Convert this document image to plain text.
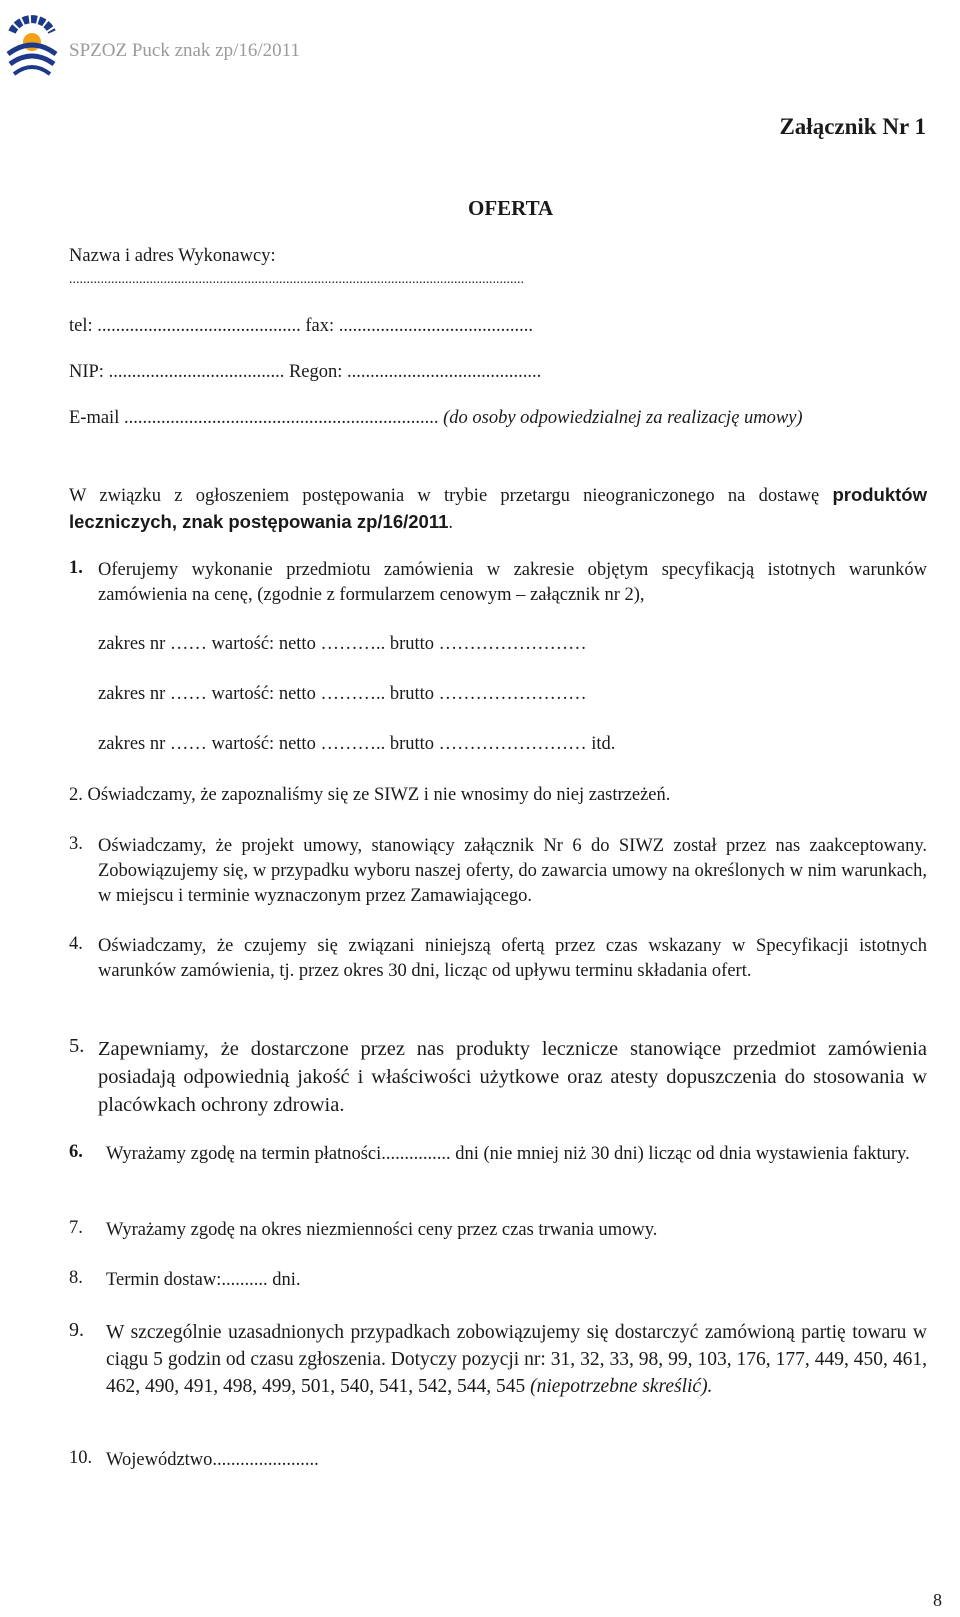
SPZOZ Puck znak zp/16/2011
Załącznik Nr 1
OFERTA
Nazwa i adres Wykonawcy:
..................................................................................................................................
tel: ............................................ fax: ..........................................
NIP: ...................................... Regon: ..........................................
E-mail .................................................................... (do osoby odpowiedzialnej za realizację umowy)
W związku z ogłoszeniem postępowania w trybie przetargu nieograniczonego na dostawę produktów leczniczych, znak postępowania zp/16/2011.
1. Oferujemy wykonanie przedmiotu zamówienia w zakresie objętym specyfikacją istotnych warunków zamówienia na cenę, (zgodnie z formularzem cenowym – załącznik nr 2),
zakres nr …… wartość: netto ……….. brutto ……………………
zakres nr …… wartość: netto ……….. brutto ……………………
zakres nr …… wartość: netto ……….. brutto …………………… itd.
2. Oświadczamy, że zapoznaliśmy się ze SIWZ i nie wnosimy do niej zastrzeżeń.
3. Oświadczamy, że projekt umowy, stanowiący załącznik Nr 6 do SIWZ został przez nas zaakceptowany. Zobowiązujemy się, w przypadku wyboru naszej oferty, do zawarcia umowy na określonych w nim warunkach, w miejscu i terminie wyznaczonym przez Zamawiającego.
4. Oświadczamy, że czujemy się związani niniejszą ofertą przez czas wskazany w Specyfikacji istotnych warunków zamówienia, tj. przez okres 30 dni, licząc od upływu terminu składania ofert.
5. Zapewniamy, że dostarczone przez nas produkty lecznicze stanowiące przedmiot zamówienia posiadają odpowiednią jakość i właściwości użytkowe oraz atesty dopuszczenia do stosowania w placówkach ochrony zdrowia.
6. Wyrażamy zgodę na termin płatności............... dni (nie mniej niż 30 dni) licząc od dnia wystawienia faktury.
7. Wyrażamy zgodę na okres niezmienności ceny przez czas trwania umowy.
8. Termin dostaw:.......... dni.
9. W szczególnie uzasadnionych przypadkach zobowiązujemy się dostarczyć zamówioną partię towaru w ciągu 5 godzin od czasu zgłoszenia. Dotyczy pozycji nr: 31, 32, 33, 98, 99, 103, 176, 177, 449, 450, 461, 462, 490, 491, 498, 499, 501, 540, 541, 542, 544, 545 (niepotrzebne skreślić).
10. Województwo.......................
8
